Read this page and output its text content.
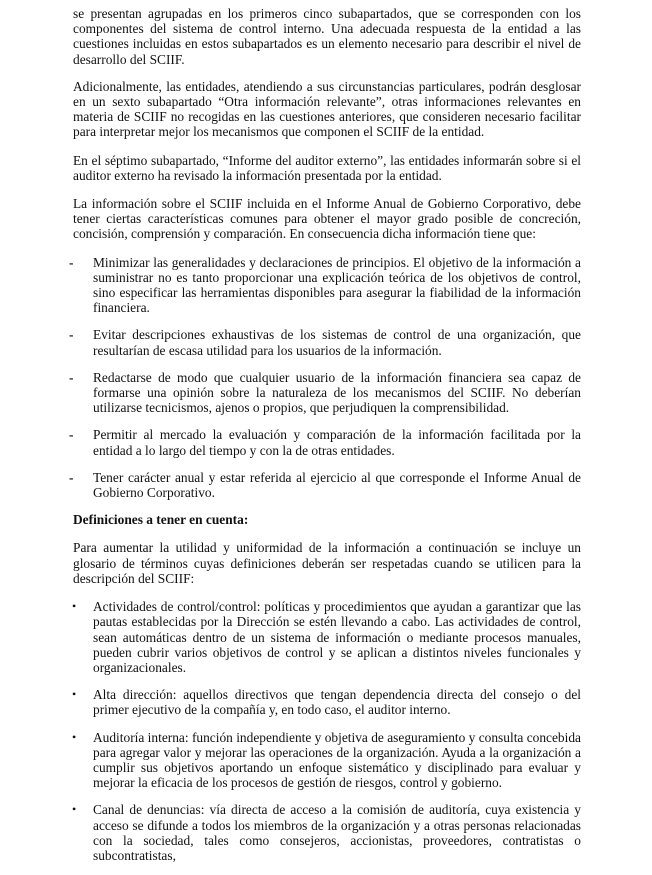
se presentan agrupadas en los primeros cinco subapartados, que se corresponden con los componentes del sistema de control interno. Una adecuada respuesta de la entidad a las cuestiones incluidas en estos subapartados es un elemento necesario para describir el nivel de desarrollo del SCIIF.

Adicionalmente, las entidades, atendiendo a sus circunstancias particulares, podrán desglosar en un sexto subapartado “Otra información relevante”, otras informaciones relevantes en materia de SCIIF no recogidas en las cuestiones anteriores, que consideren necesario facilitar para interpretar mejor los mecanismos que componen el SCIIF de la entidad.

En el séptimo subapartado, “Informe del auditor externo”, las entidades informarán sobre si el auditor externo ha revisado la información presentada por la entidad.

La información sobre el SCIIF incluida en el Informe Anual de Gobierno Corporativo, debe tener ciertas características comunes para obtener el mayor grado posible de concreción, concisión, comprensión y comparación. En consecuencia dicha información tiene que:

- Minimizar las generalidades y declaraciones de principios. El objetivo de la información a suministrar no es tanto proporcionar una explicación teórica de los objetivos de control, sino especificar las herramientas disponibles para asegurar la fiabilidad de la información financiera.
- Evitar descripciones exhaustivas de los sistemas de control de una organización, que resultarían de escasa utilidad para los usuarios de la información.
- Redactarse de modo que cualquier usuario de la información financiera sea capaz de formarse una opinión sobre la naturaleza de los mecanismos del SCIIF. No deberían utilizarse tecnicismos, ajenos o propios, que perjudiquen la comprensibilidad.
- Permitir al mercado la evaluación y comparación de la información facilitada por la entidad a lo largo del tiempo y con la de otras entidades.
- Tener carácter anual y estar referida al ejercicio al que corresponde el Informe Anual de Gobierno Corporativo.

Definiciones a tener en cuenta:

Para aumentar la utilidad y uniformidad de la información a continuación se incluye un glosario de términos cuyas definiciones deberán ser respetadas cuando se utilicen para la descripción del SCIIF:

• Actividades de control/control: políticas y procedimientos que ayudan a garantizar que las pautas establecidas por la Dirección se estén llevando a cabo. Las actividades de control, sean automáticas dentro de un sistema de información o mediante procesos manuales, pueden cubrir varios objetivos de control y se aplican a distintos niveles funcionales y organizacionales.
• Alta dirección: aquellos directivos que tengan dependencia directa del consejo o del primer ejecutivo de la compañía y, en todo caso, el auditor interno.
• Auditoría interna: función independiente y objetiva de aseguramiento y consulta concebida para agregar valor y mejorar las operaciones de la organización. Ayuda a la organización a cumplir sus objetivos aportando un enfoque sistemático y disciplinado para evaluar y mejorar la eficacia de los procesos de gestión de riesgos, control y gobierno.
• Canal de denuncias: vía directa de acceso a la comisión de auditoría, cuya existencia y acceso se difunde a todos los miembros de la organización y a otras personas relacionadas con la sociedad, tales como consejeros, accionistas, proveedores, contratistas o subcontratistas,
